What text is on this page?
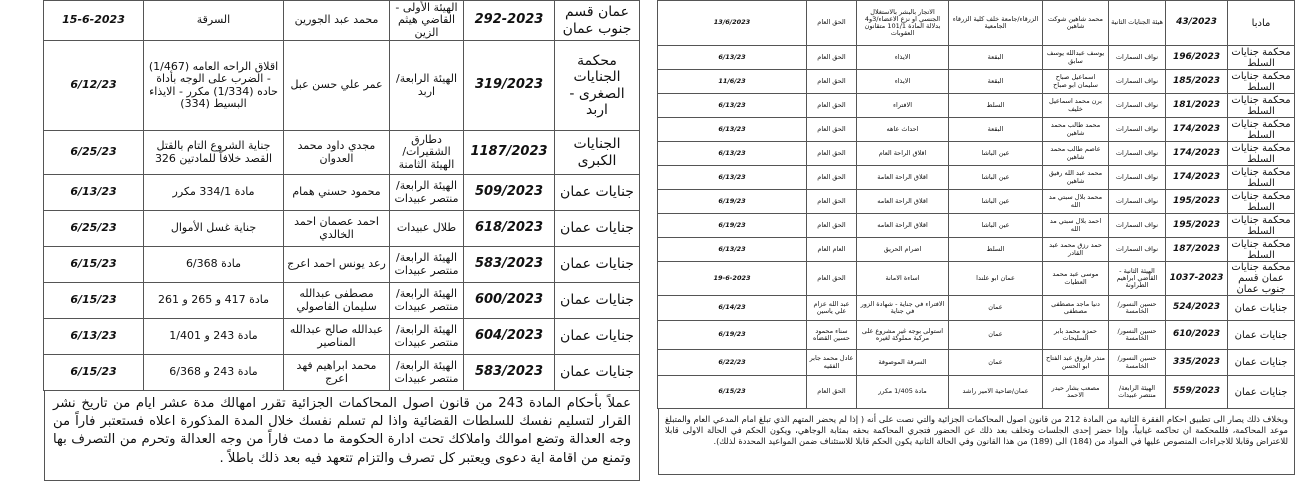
عمان قسم جنوب عمان	292-2023	الهيئة الأولى - القاضي هيثم الزين	محمد عبد الجورين	السرقة	15-6-2023
محكمة الجنايات الصغرى - اربد	319/2023	الهيئة الرابعة/ اربد	عمر علي حسن عبل	اقلاق الراحه العامه (1/467) - الضرب على الوجه بأداة حاده (1/334) مكرر - الايذاء البسيط (334)	6/12/23
الجنايات الكبرى	1187/2023	دطارق الشقيرات/الهيئة الثامنة	مجدي داود محمد العدوان	جناية الشروع التام بالقتل القصد خلافاً للمادتين 326	6/25/23
جنايات عمان	509/2023	الهيئة الرابعة/منتصر عبيدات	محمود حسني همام	مادة 334/1 مكرر	6/13/23
جنايات عمان	618/2023	طلال عبيدات	احمد عصمان احمد الخالدي	جناية غسل الأموال	6/25/23
جنايات عمان	583/2023	الهيئة الرابعة/منتصر عبيدات	رعد يونس احمد اعرج	مادة 6/368	6/15/23
جنايات عمان	600/2023	الهيئة الرابعة/منتصر عبيدات	مصطفى عبدالله سليمان الفاصولي	مادة 417 و 265 و 261	6/15/23
جنايات عمان	604/2023	الهيئة الرابعة/منتصر عبيدات	عبدالله صالح عبدالله المناصير	مادة 243 و 1/401	6/13/23
جنايات عمان	583/2023	الهيئة الرابعة/منتصر عبيدات	محمد ابراهيم فهد اعرج	مادة 243 و 6/368	6/15/23
عملاً بأحكام المادة 243 من قانون اصول المحاكمات الجزائية تقرر امهالك مدة عشر ايام من تاريخ نشر القرار لتسليم نفسك للسلطات القضائية واذا لم تسلم نفسك خلال المدة المذكورة اعلاه فستعتبر فاراً من وجه العدالة وتضع اموالك واملاكك تحت ادارة الحكومة ما دمت فاراً من وجه العدالة وتحرم من التصرف بها وتمنع من اقامة اية دعوى ويعتبر كل تصرف والتزام تتعهد فيه بعد ذلك باطلاً .
مادبا	43/2023	هيئة الجنايات الثانية	محمد شاهين شوكت شاهين	الزرقاء/جامعة خلف كلية الزرقاء الجامعية	الاتجار بالبشر بالاستغلال الجنسي او نزع الاعضاء/3و4 بدلالة المادة 101/1 متقانون العقوبات	الحق العام	13/6/2023
محكمة جنايات السلط	196/2023	نواف السمارات	يوسف عبدالله يوسف سابق	البقعة	الايذاء	الحق العام	6/13/23
محكمة جنايات السلط	185/2023	نواف السمارات	اسماعيل صباح سليمان ابو صباح	البقعة	الايذاء	الحق العام	11/6/23
محكمة جنايات السلط	181/2023	نواف السمارات	برن محمد اسماعيل خليف	السلط	الافتراء	الحق العام	6/13/23
محكمة جنايات السلط	174/2023	نواف السمارات	محمد طالب محمد شاهين	البقعة	احداث عاهه	الحق العام	6/13/23
محكمة جنايات السلط	174/2023	نواف السمارات	عاصم طالب محمد شاهين	عين الباشا	اقلاق الراحة العام	الحق العام	6/13/23
محكمة جنايات السلط	174/2023	نواف السمارات	محمد عبد الله رفيق شاهين	عين الباشا	اقلاق الراحة العامة	الحق العام	6/13/23
محكمة جنايات السلط	195/2023	نواف السمارات	محمد بلال سبتي مد الله	عين الباشا	اقلاق الراحة العامه	الحق العام	6/19/23
محكمة جنايات السلط	195/2023	نواف السمارات	احمد بلال سبتي مد الله	عين الباشا	اقلاق الراحة العامه	الحق العام	6/19/23
محكمة جنايات السلط	187/2023	نواف السمارات	حمد رزق محمد عبد القادر	السلط	اضرام الحريق	العام العام	6/13/23
محكمة جنايات عمان قسم جنوب عمان	1037-2023	الهيئة الثانية - القاضي ابراهيم الطراونة	موسى عبد محمد العطيات	عمان ابو علندا	اساءة الامانة	الحق العام	19-6-2023
جنايات عمان	524/2023	حسين النسور/ الخامسة	دنيا ماجد مصطفى مصطفى	عمان	الافتراء في جناية - شهادة الزور في جناية	عبد الله عزام علي ياسين	6/14/23
جنايات عمان	610/2023	حسين النسور/ الخامسة	حمزه محمد بابر السليحات	عمان	استولى بوجه غير مشروع على مركبة مملوكة لغيره	سناء محمود حسين القضاه	6/19/23
جنايات عمان	335/2023	حسين النسور/ الخامسة	منذر فاروق عبد الفتاح ابو الحسن	عمان	السرقة الموصوفة	عادل محمد جابر الفقيه	6/22/23
جنايات عمان	559/2023	الهيئة الرابعة/منتصر عبيدات	مصعب بشار حيدر الاحمد	عمان/ضاحية الامير راشد	مادة 1/405 مكرر	الحق العام	6/15/23
وبخلاف ذلك يصار الى تطبيق احكام الفقرة الثانية من المادة 212 من قانون اصول المحاكمات الجزائية والتي نصت على أنه ( إذا لم يحضر المتهم الذي تبلغ امام المدعي العام والمتبلغ موعد المحاكمة، فللمحكمة ان تحاكمه غيابياً، وإذا حضر إحدى الجلسات وتخلف بعد ذلك عن الحضور فتجري المحاكمة بحقه بمثابة الوجاهي، ويكون الحكم في الحالة الاولى قابلا للاعتراض وقابلا للاجراءات المنصوص عليها في المواد من (184) الى (189) من هذا القانون وفي الحالة الثانية يكون الحكم قابلا للاستئناف ضمن المواعيد المحددة لذلك).
